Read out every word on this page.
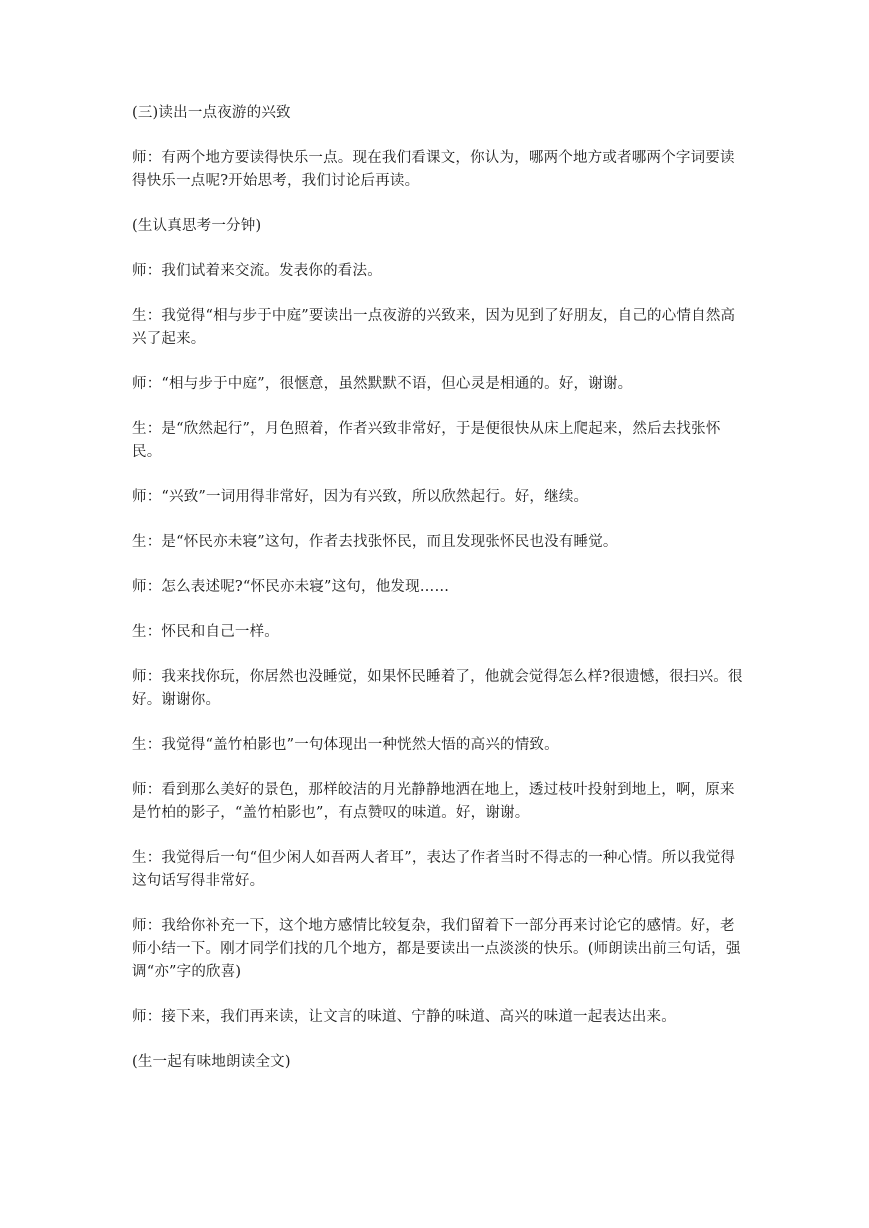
(三)读出一点夜游的兴致

师：有两个地方要读得快乐一点。现在我们看课文，你认为，哪两个地方或者哪两个字词要读得快乐一点呢?开始思考，我们讨论后再读。

(生认真思考一分钟)

师：我们试着来交流。发表你的看法。

生：我觉得“相与步于中庭”要读出一点夜游的兴致来，因为见到了好朋友，自己的心情自然高兴了起来。

师：“相与步于中庭”，很惬意，虽然默默不语，但心灵是相通的。好，谢谢。

生：是“欣然起行”，月色照着，作者兴致非常好，于是便很快从床上爬起来，然后去找张怀民。

师：“兴致”一词用得非常好，因为有兴致，所以欣然起行。好，继续。

生：是“怀民亦未寝”这句，作者去找张怀民，而且发现张怀民也没有睡觉。

师：怎么表述呢?“怀民亦未寝”这句，他发现……

生：怀民和自己一样。

师：我来找你玩，你居然也没睡觉，如果怀民睡着了，他就会觉得怎么样?很遗憾，很扫兴。很好。谢谢你。

生：我觉得“盖竹柏影也”一句体现出一种恍然大悟的高兴的情致。

师：看到那么美好的景色，那样皎洁的月光静静地洒在地上，透过枝叶投射到地上，啊，原来是竹柏的影子，“盖竹柏影也”，有点赞叹的味道。好，谢谢。

生：我觉得后一句“但少闲人如吾两人者耳”，表达了作者当时不得志的一种心情。所以我觉得这句话写得非常好。

师：我给你补充一下，这个地方感情比较复杂，我们留着下一部分再来讨论它的感情。好，老师小结一下。刚才同学们找的几个地方，都是要读出一点淡淡的快乐。(师朗读出前三句话，强调“亦”字的欣喜)

师：接下来，我们再来读，让文言的味道、宁静的味道、高兴的味道一起表达出来。

(生一起有味地朗读全文)
